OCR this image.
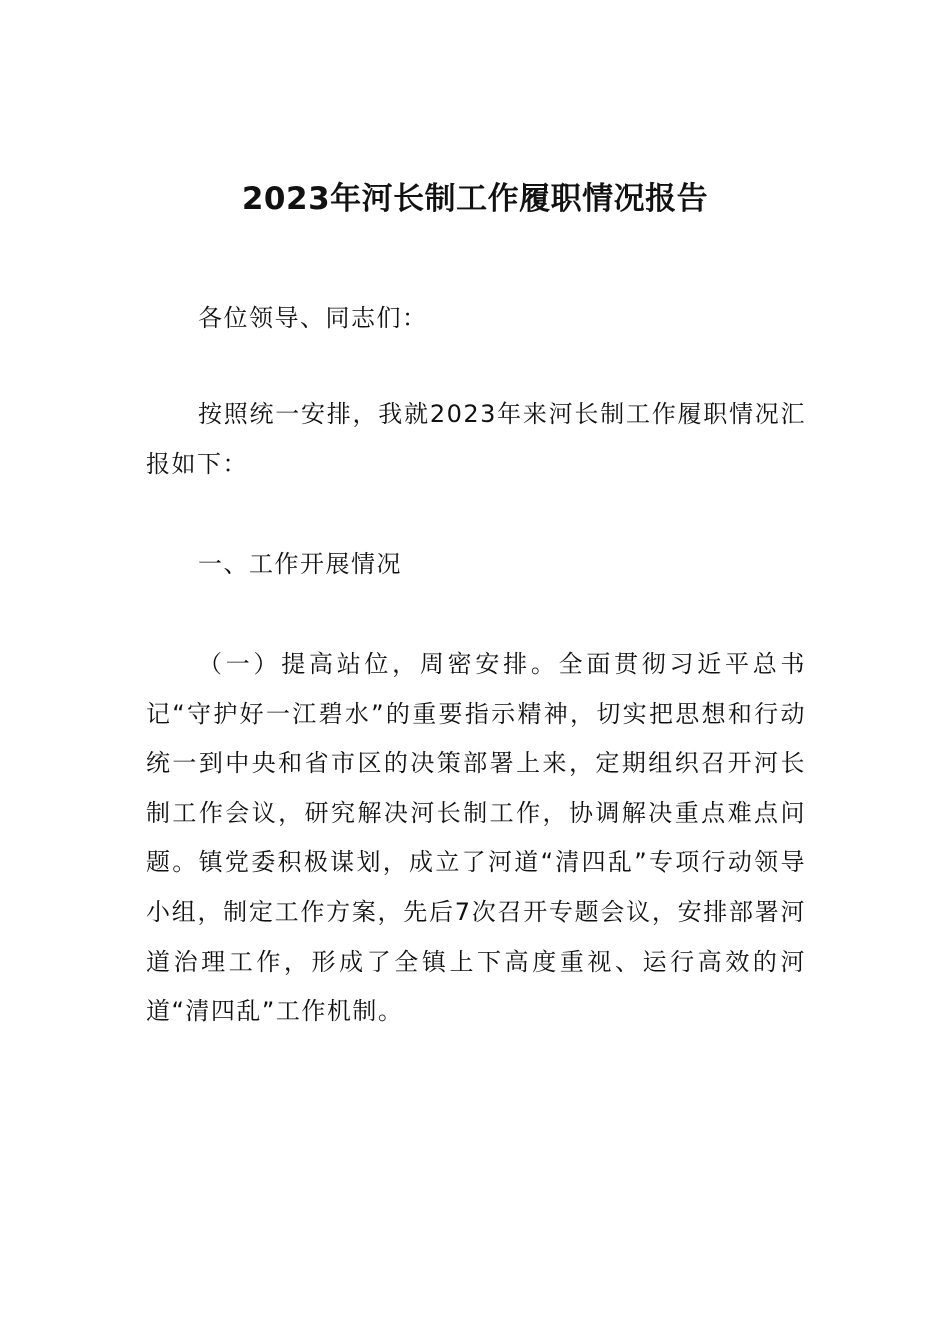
2023年河长制工作履职情况报告

各位领导、同志们：

按照统一安排，我就2023年来河长制工作履职情况汇报如下：

一、工作开展情况

（一）提高站位，周密安排。全面贯彻习近平总书记“守护好一江碧水”的重要指示精神，切实把思想和行动统一到中央和省市区的决策部署上来，定期组织召开河长制工作会议，研究解决河长制工作，协调解决重点难点问题。镇党委积极谋划，成立了河道“清四乱”专项行动领导小组，制定工作方案，先后7次召开专题会议，安排部署河道治理工作，形成了全镇上下高度重视、运行高效的河道“清四乱”工作机制。
